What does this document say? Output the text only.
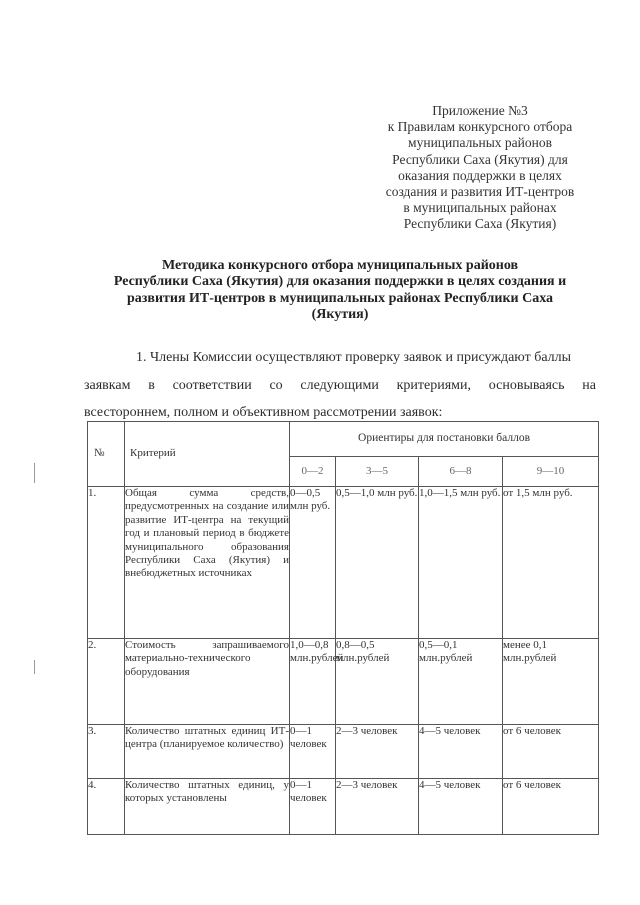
Приложение №3
к Правилам конкурсного отбора
муниципальных районов
Республики Саха (Якутия) для
оказания поддержки в целях
создания и развития ИТ-центров
в муниципальных районах
Республики Саха (Якутия)
Методика конкурсного отбора муниципальных районов
Республики Саха (Якутия) для оказания поддержки в целях создания и
развития ИТ-центров в муниципальных районах Республики Саха
(Якутия)
1. Члены Комиссии осуществляют проверку заявок и присуждают баллы
заявкам в соответствии со следующими критериями, основываясь на
всестороннем, полном и объективном рассмотрении заявок:
№	Критерий	Ориентиры для постановки баллов			
		0—2	3—5	6—8	9—10
1.	Общая сумма средств, предусмотренных на создание или развитие ИТ-центра на текущий год и плановый период в бюджете муниципального образования Республики Саха (Якутия) и внебюджетных источниках	0—0,5 млн руб.	0,5—1,0 млн руб.	1,0—1,5 млн руб.	от 1,5 млн руб.
2.	Стоимость запрашиваемого материально-технического оборудования	1,0—0,8 млн.рублей	0,8—0,5 млн.рублей	0,5—0,1 млн.рублей	менее 0,1 млн.рублей
3.	Количество штатных единиц ИТ-центра (планируемое количество)	0—1 человек	2—3 человек	4—5 человек	от 6 человек
4.	Количество штатных единиц, у которых установлены	0—1 человек	2—3 человек	4—5 человек	от 6 человек
